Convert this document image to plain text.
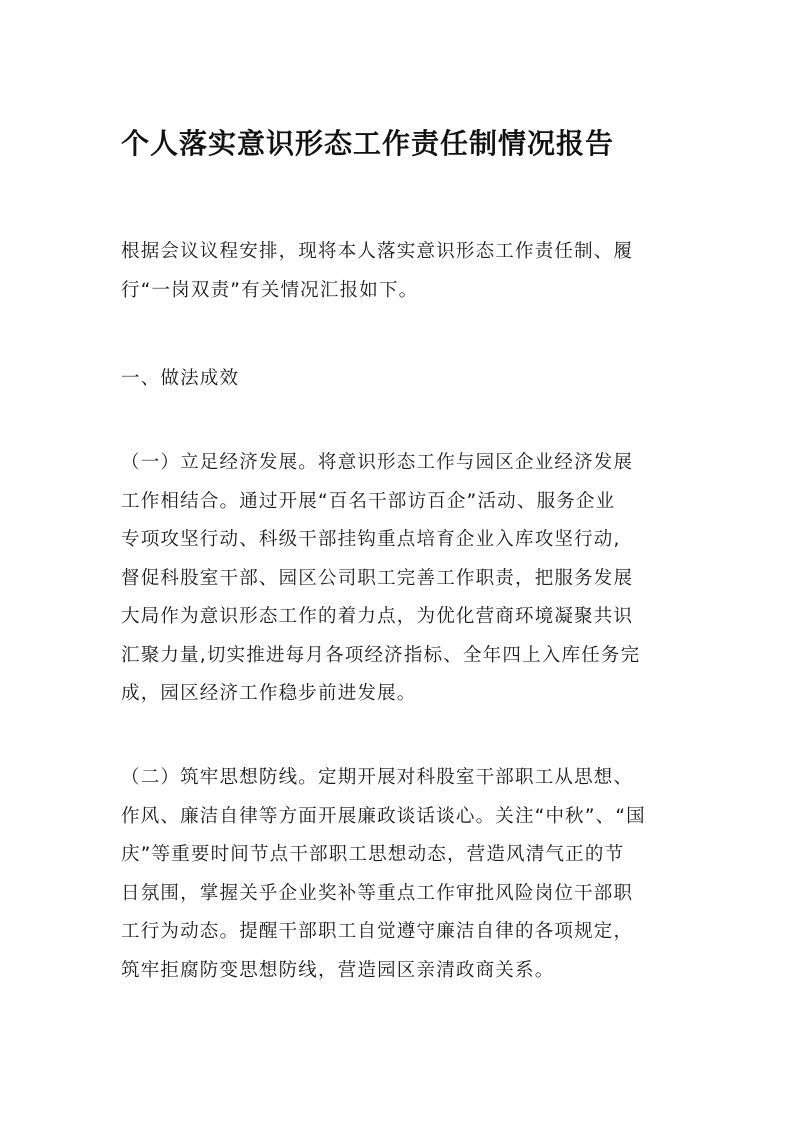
个人落实意识形态工作责任制情况报告
根据会议议程安排，现将本人落实意识形态工作责任制、履
行“一岗双责”有关情况汇报如下。
一、做法成效
（一）立足经济发展。将意识形态工作与园区企业经济发展
工作相结合。通过开展“百名干部访百企”活动、服务企业
专项攻坚行动、科级干部挂钩重点培育企业入库攻坚行动,
督促科股室干部、园区公司职工完善工作职责，把服务发展
大局作为意识形态工作的着力点，为优化营商环境凝聚共识
汇聚力量,切实推进每月各项经济指标、全年四上入库任务完
成，园区经济工作稳步前进发展。
（二）筑牢思想防线。定期开展对科股室干部职工从思想、
作风、廉洁自律等方面开展廉政谈话谈心。关注“中秋”、“国
庆”等重要时间节点干部职工思想动态，营造风清气正的节
日氛围，掌握关乎企业奖补等重点工作审批风险岗位干部职
工行为动态。提醒干部职工自觉遵守廉洁自律的各项规定，
筑牢拒腐防变思想防线，营造园区亲清政商关系。
